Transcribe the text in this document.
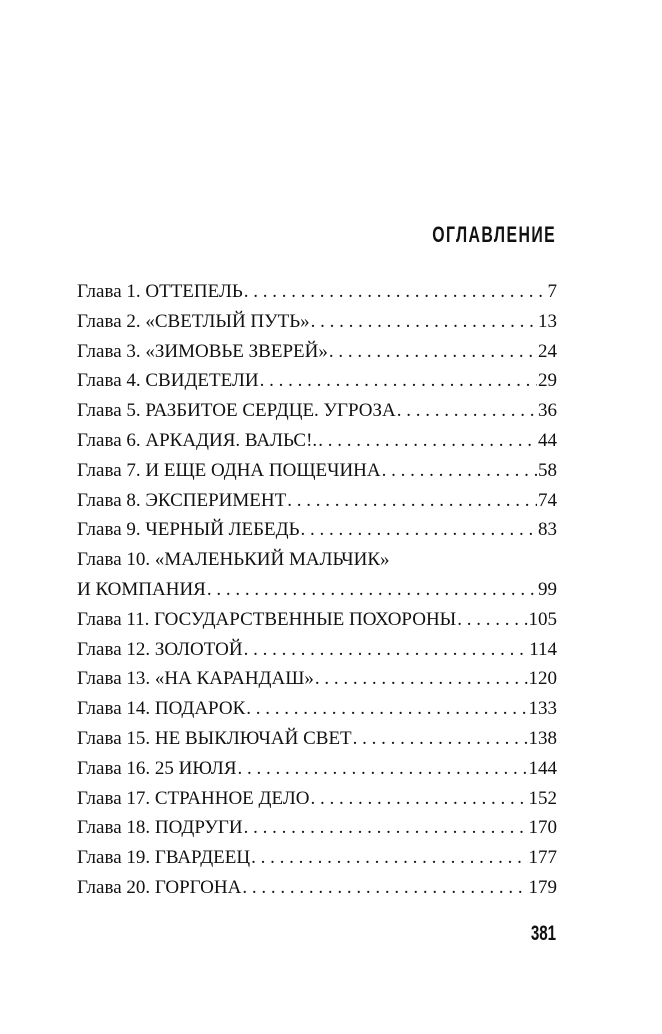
ОГЛАВЛЕНИЕ
Глава 1. ОТТЕПЕЛЬ . . .	7
Глава 2. «СВЕТЛЫЙ ПУТЬ» . . .	13
Глава 3. «ЗИМОВЬЕ ЗВЕРЕЙ» . . .	24
Глава 4. СВИДЕТЕЛИ . . .	29
Глава 5. РАЗБИТОЕ СЕРДЦЕ. УГРОЗА . . .	36
Глава 6. АРКАДИЯ. ВАЛЬС!. . . .	44
Глава 7. И ЕЩЕ ОДНА ПОЩЕЧИНА . . .	58
Глава 8. ЭКСПЕРИМЕНТ . . .	74
Глава 9. ЧЕРНЫЙ ЛЕБЕДЬ . . .	83
Глава 10. «МАЛЕНЬКИЙ МАЛЬЧИК»
И КОМПАНИЯ . . .	99
Глава 11. ГОСУДАРСТВЕННЫЕ ПОХОРОНЫ . . .	105
Глава 12. ЗОЛОТОЙ . . .	114
Глава 13. «НА КАРАНДАШ» . . .	120
Глава 14. ПОДАРОК . . .	133
Глава 15. НЕ ВЫКЛЮЧАЙ СВЕТ . . .	138
Глава 16. 25 ИЮЛЯ . . .	144
Глава 17. СТРАННОЕ ДЕЛО . . .	152
Глава 18. ПОДРУГИ . . .	170
Глава 19. ГВАРДЕЕЦ . . .	177
Глава 20. ГОРГОНА . . .	179
381
